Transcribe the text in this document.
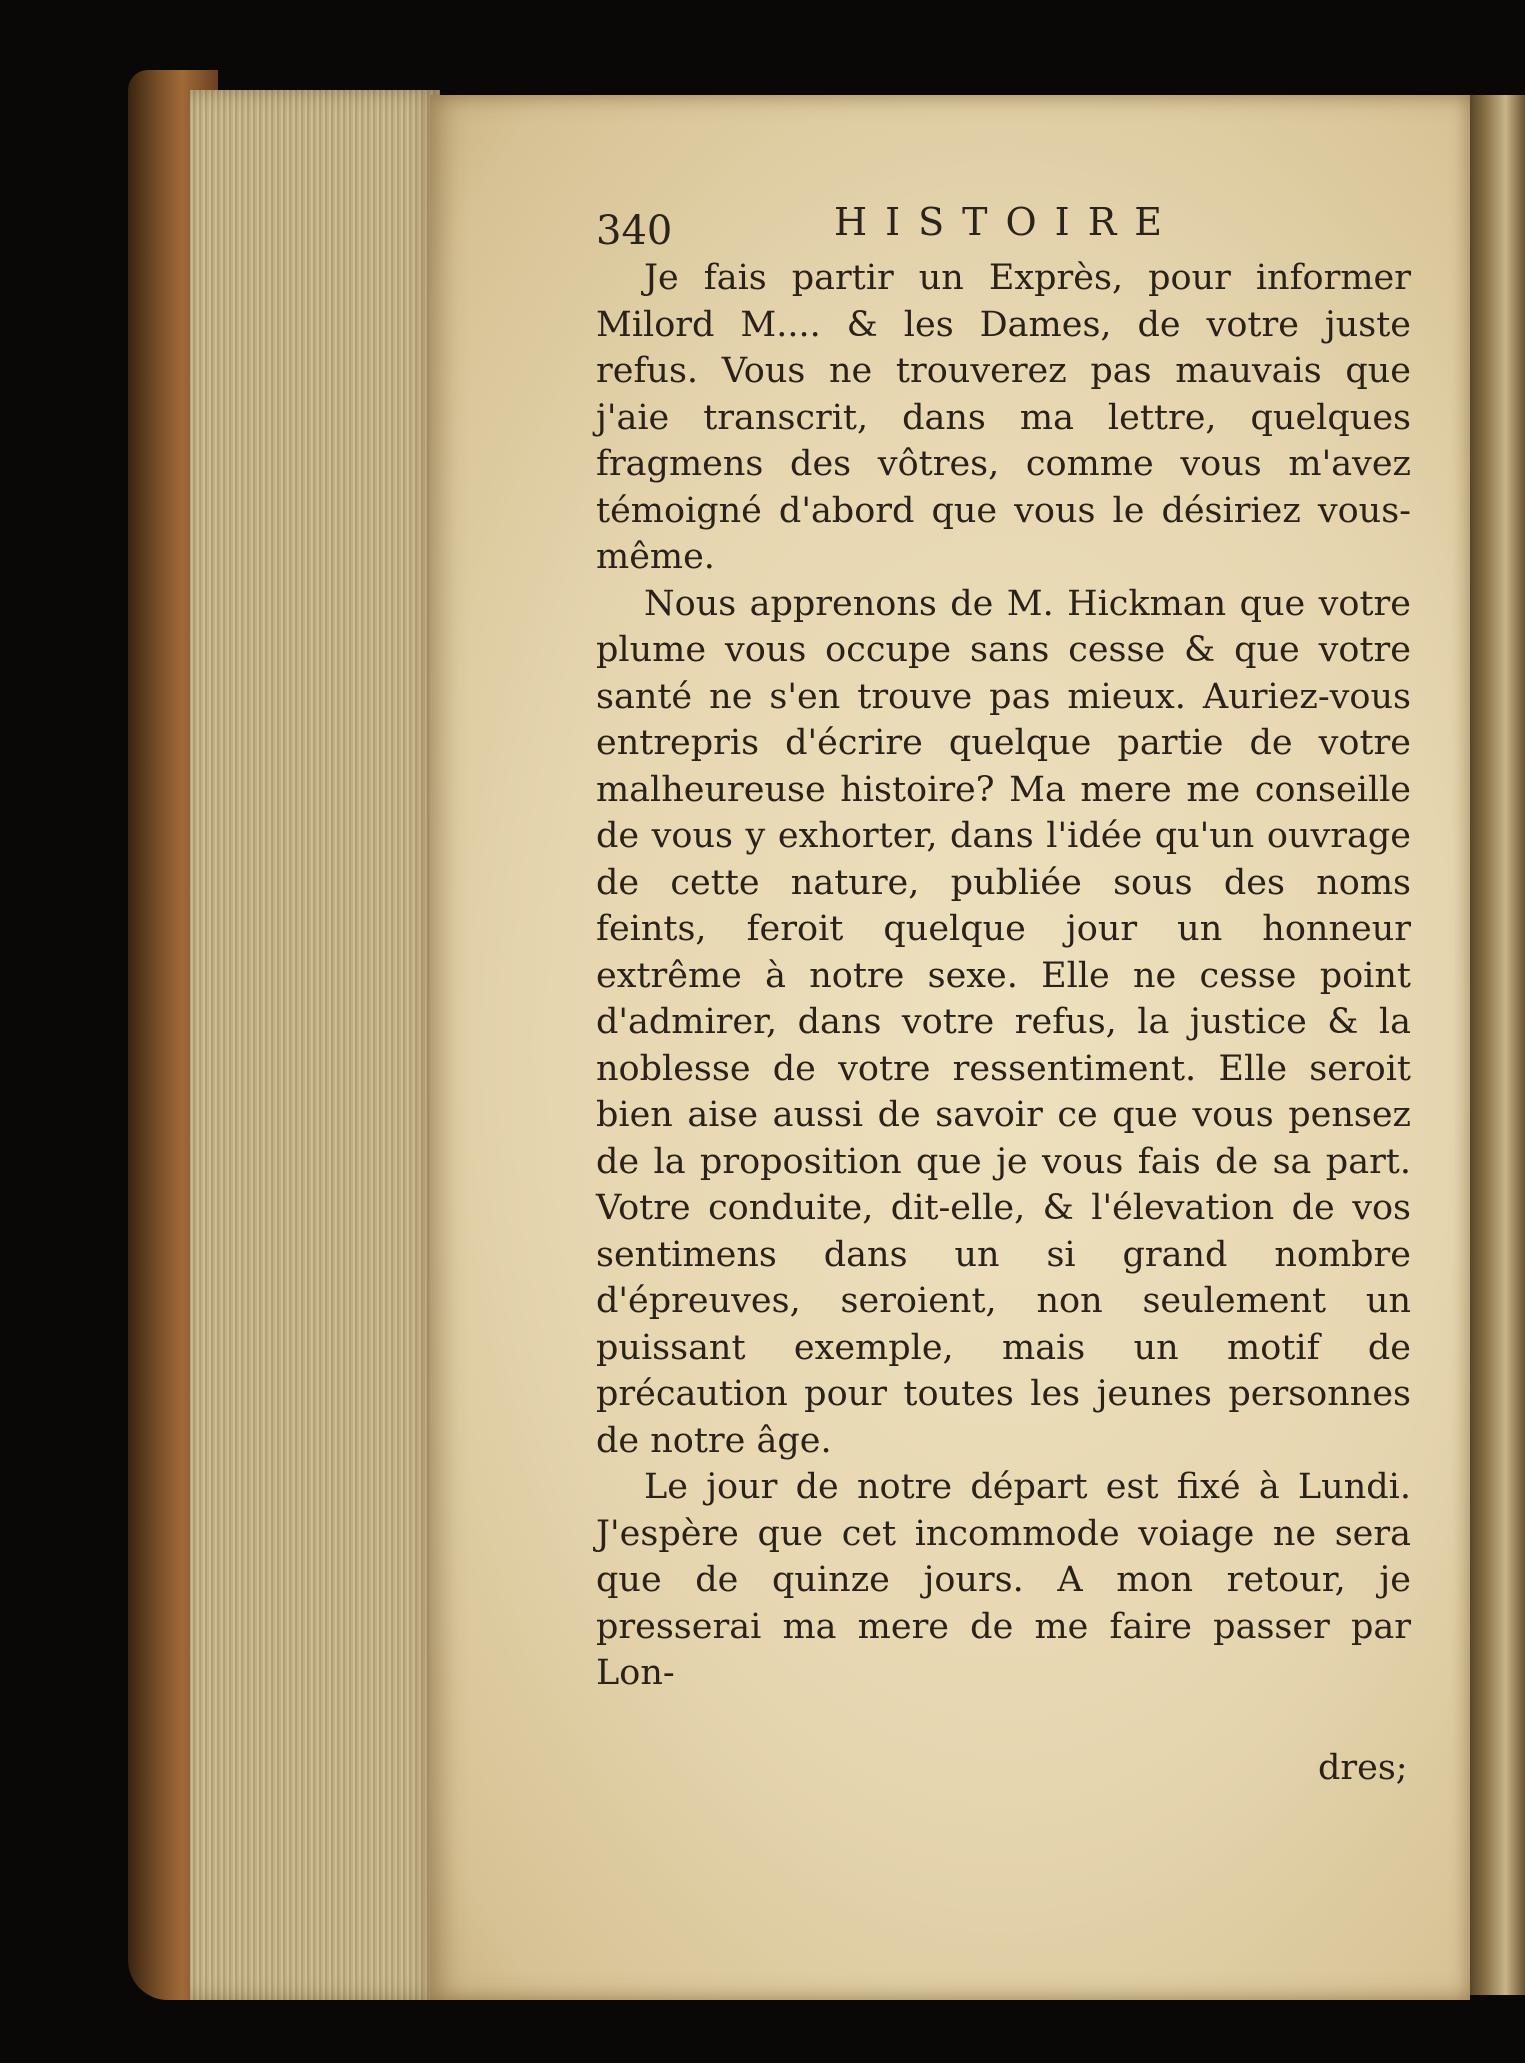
340	HISTOIRE

Je fais partir un Exprès, pour informer Milord M.... & les Dames, de votre juste refus. Vous ne trouverez pas mauvais que j'aie transcrit, dans ma lettre, quelques fragmens des vôtres, comme vous m'avez témoigné d'abord que vous le désiriez vous-même.

Nous apprenons de M. Hickman que votre plume vous occupe sans cesse & que votre santé ne s'en trouve pas mieux. Auriez-vous entrepris d'écrire quelque partie de votre malheureuse histoire? Ma mere me conseille de vous y exhorter, dans l'idée qu'un ouvrage de cette nature, publiée sous des noms feints, feroit quelque jour un honneur extrême à notre sexe. Elle ne cesse point d'admirer, dans votre refus, la justice & la noblesse de votre ressentiment. Elle seroit bien aise aussi de savoir ce que vous pensez de la proposition que je vous fais de sa part. Votre conduite, dit-elle, & l'élevation de vos sentimens dans un si grand nombre d'épreuves, seroient, non seulement un puissant exemple, mais un motif de précaution pour toutes les jeunes personnes de notre âge.

Le jour de notre départ est fixé à Lundi. J'espère que cet incommode voiage ne sera que de quinze jours. A mon retour, je presserai ma mere de me faire passer par Lon-

dres;
